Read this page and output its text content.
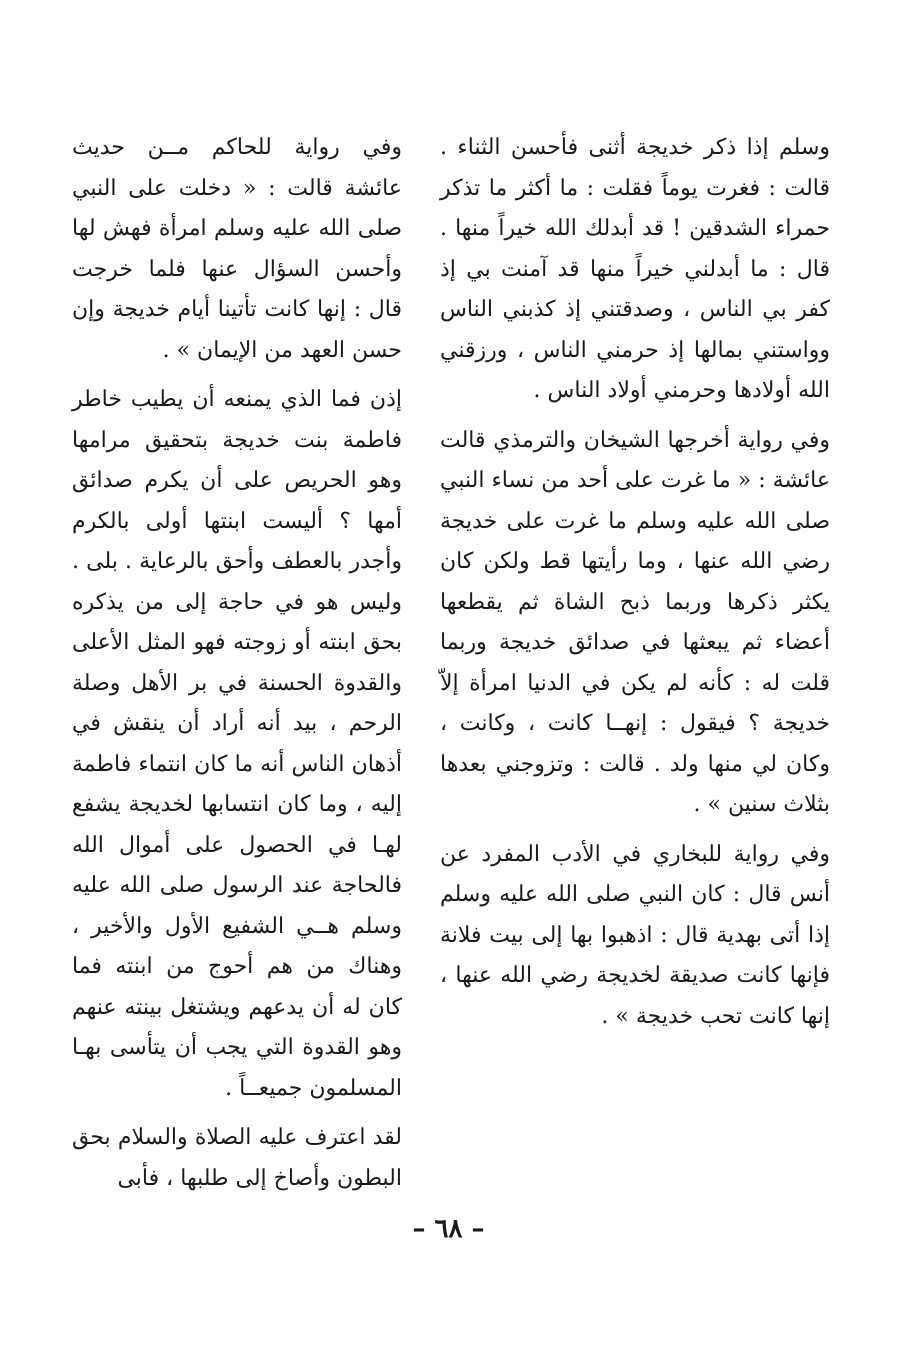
وسلم إذا ذكر خديجة أثنى فأحسن الثناء . قالت : فغرت يوماً فقلت : ما أكثر ما تذكر حمراء الشدقين ! قد أبدلك الله خيراً منها . قال : ما أبدلني خيراً منها قد آمنت بي إذ كفر بي الناس ، وصدقتني إذ كذبني الناس وواستني بمالها إذ حرمني الناس ، ورزقني الله أولادها وحرمني أولاد الناس .

وفي رواية أخرجها الشيخان والترمذي قالت عائشة : « ما غرت على أحد من نساء النبي صلى الله عليه وسلم ما غرت على خديجة رضي الله عنها ، وما رأيتها قط ولكن كان يكثر ذكرها وربما ذبح الشاة ثم يقطعها أعضاء ثم يبعثها في صدائق خديجة وربما قلت له : كأنه لم يكن في الدنيا امرأة إلاّ خديجة ؟ فيقول : إنهــا كانت ، وكانت ، وكان لي منها ولد . قالت : وتزوجني بعدها بثلاث سنين » .

وفي رواية للبخاري في الأدب المفرد عن أنس قال : كان النبي صلى الله عليه وسلم إذا أتى بهدية قال : اذهبوا بها إلى بيت فلانة فإنها كانت صديقة لخديجة رضي الله عنها ، إنها كانت تحب خديجة » .

وفي رواية للحاكم مــن حديث عائشة قالت : « دخلت على النبي صلى الله عليه وسلم امرأة فهش لها وأحسن السؤال عنها فلما خرجت قال : إنها كانت تأتينا أيام خديجة وإن حسن العهد من الإيمان » .

إذن فما الذي يمنعه أن يطيب خاطر فاطمة بنت خديجة بتحقيق مرامها وهو الحريص على أن يكرم صدائق أمها ؟ أليست ابنتها أولى بالكرم وأجدر بالعطف وأحق بالرعاية . بلى . وليس هو في حاجة إلى من يذكره بحق ابنته أو زوجته فهو المثل الأعلى والقدوة الحسنة في بر الأهل وصلة الرحم ، بيد أنه أراد أن ينقش في أذهان الناس أنه ما كان انتماء فاطمة إليه ، وما كان انتسابها لخديجة يشفع لهـا في الحصول على أموال الله فالحاجة عند الرسول صلى الله عليه وسلم هــي الشفيع الأول والأخير ، وهناك من هم أحوج من ابنته فما كان له أن يدعهم ويشتغل بينته عنهم وهو القدوة التي يجب أن يتأسى بهـا المسلمون جميعــاً .

لقد اعترف عليه الصلاة والسلام بحق البطون وأصاخ إلى طلبها ، فأبى

– ٦٨ –
